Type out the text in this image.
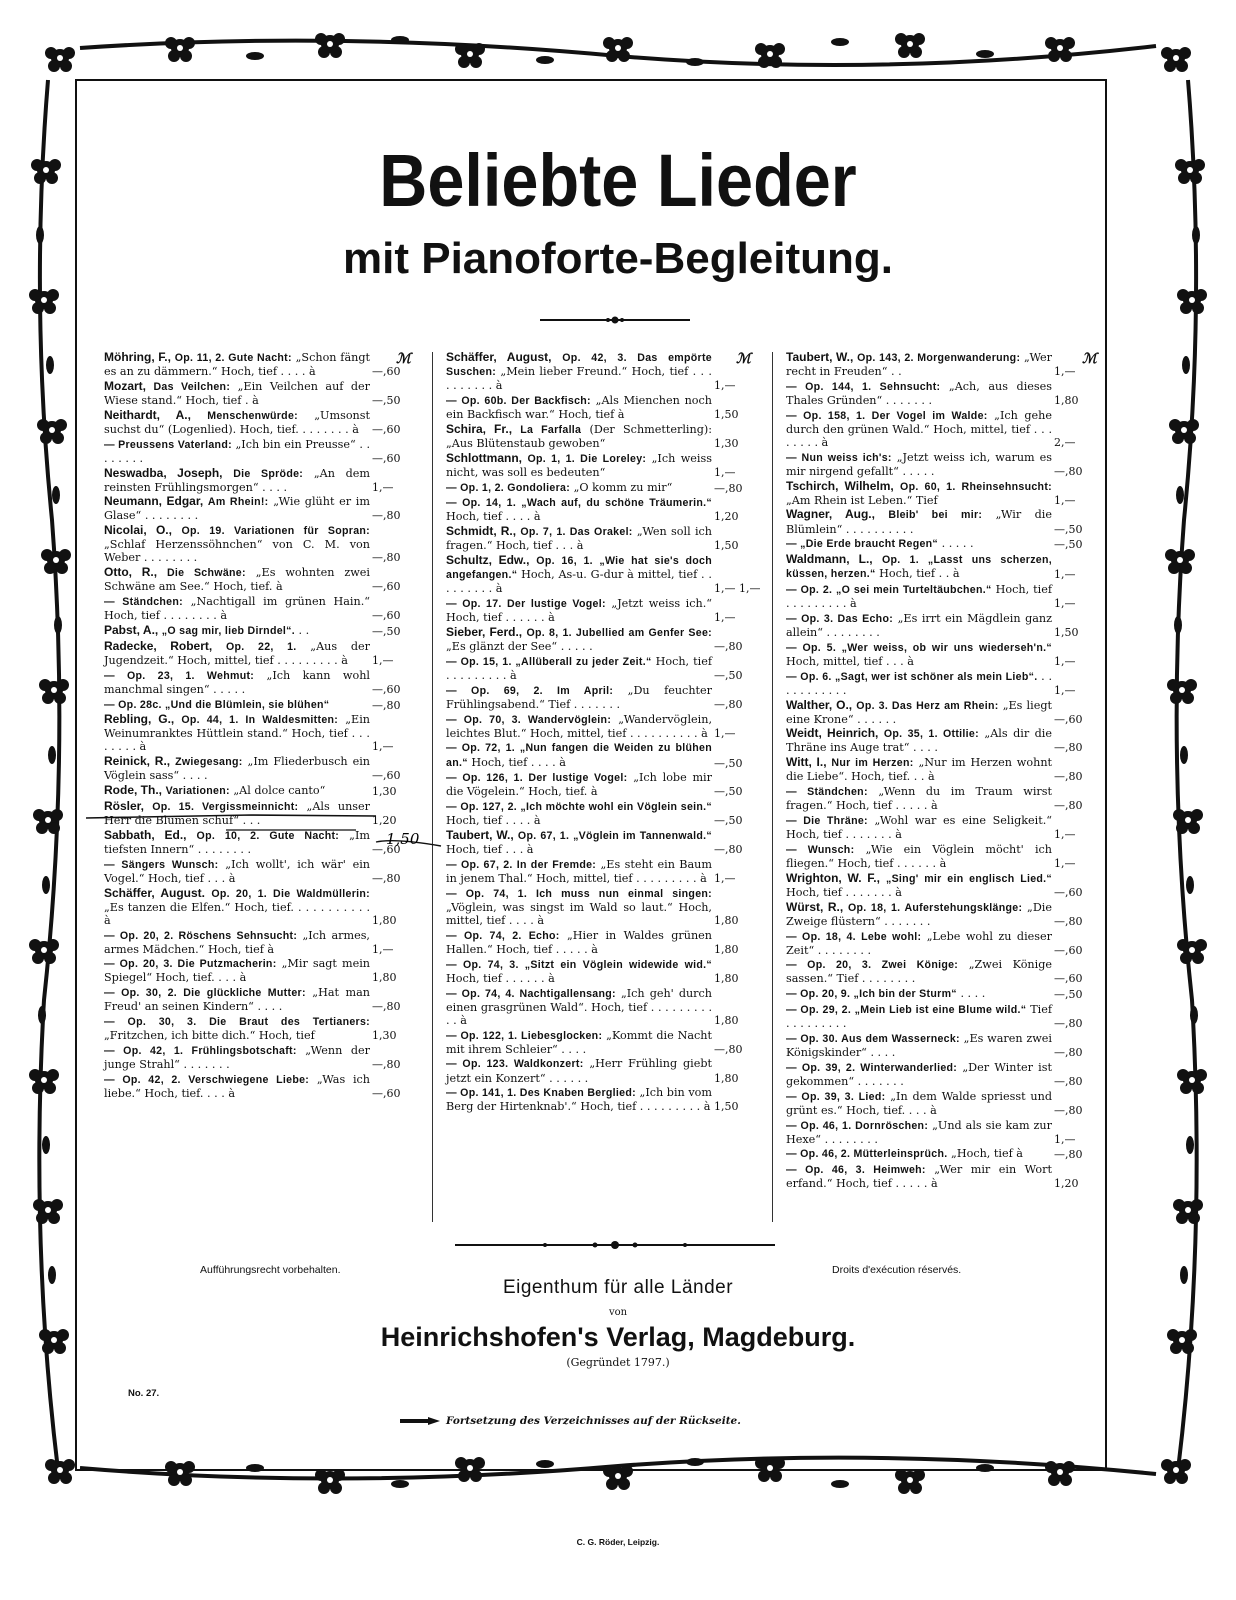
Beliebte Lieder
mit Pianoforte-Begleitung.
ℳ	ℳ	ℳ
Möhring, F., Op. 11, 2. Gute Nacht: „Schon fängt es an zu dämmern.“ Hoch, tief . . . . à	—,60
Mozart, Das Veilchen: „Ein Veilchen auf der Wiese stand.“ Hoch, tief . à	—,50
Neithardt, A., Menschenwürde: „Umsonst suchst du“ (Logenlied). Hoch, tief. . . . . . . . à	—,60
— Preussens Vaterland: „Ich bin ein Preusse“ . . . . . . . .	—,60
Neswadba, Joseph, Die Spröde: „An dem reinsten Frühlingsmorgen“ . . . .	1,—
Neumann, Edgar, Am Rhein!: „Wie glüht er im Glase“ . . . . . . . .	—,80
Nicolai, O., Op. 19. Variationen für Sopran: „Schlaf Herzenssöhnchen“ von C. M. von Weber . . . . . . . .	—,80
Otto, R., Die Schwäne: „Es wohnten zwei Schwäne am See.“ Hoch, tief. à	—,60
— Ständchen: „Nachtigall im grünen Hain.“ Hoch, tief . . . . . . . . à	—,60
Pabst, A., „O sag mir, lieb Dirndel“. . .	—,50
Radecke, Robert, Op. 22, 1. „Aus der Jugendzeit.“ Hoch, mittel, tief . . . . . . . . . à	1,—
— Op. 23, 1. Wehmut: „Ich kann wohl manchmal singen“ . . . . .	—,60
— Op. 28c. „Und die Blümlein, sie blühen“	—,80
Rebling, G., Op. 44, 1. In Waldesmitten: „Ein Weinumranktes Hüttlein stand.“ Hoch, tief . . . . . . . . à	1,—
Reinick, R., Zwiegesang: „Im Fliederbusch ein Vöglein sass“ . . . .	—,60
Rode, Th., Variationen: „Al dolce canto“	1,30
Rösler, Op. 15. Vergissmeinnicht: „Als unser Herr die Blumen schuf“ . . .	1,20
Sabbath, Ed., Op. 10, 2. Gute Nacht: „Im tiefsten Innern“ . . . . . . . .	—,60
— Sängers Wunsch: „Ich wollt', ich wär' ein Vogel.“ Hoch, tief . . . à	—,80
Schäffer, August. Op. 20, 1. Die Waldmüllerin: „Es tanzen die Elfen.“ Hoch, tief. . . . . . . . . . . à	1,80
— Op. 20, 2. Röschens Sehnsucht: „Ich armes, armes Mädchen.“ Hoch, tief à	1,—
— Op. 20, 3. Die Putzmacherin: „Mir sagt mein Spiegel“ Hoch, tief. . . . à	1,80
— Op. 30, 2. Die glückliche Mutter: „Hat man Freud' an seinen Kindern“ . . . .	—,80
— Op. 30, 3. Die Braut des Tertianers: „Fritzchen, ich bitte dich.“ Hoch, tief	1,30
— Op. 42, 1. Frühlingsbotschaft: „Wenn der junge Strahl“ . . . . . . .	—,80
— Op. 42, 2. Verschwiegene Liebe: „Was ich liebe.“ Hoch, tief. . . . à	—,60
Schäffer, August, Op. 42, 3. Das empörte Suschen: „Mein lieber Freund.“ Hoch, tief . . . . . . . . . . à	1,—
— Op. 60b. Der Backfisch: „Als Mienchen noch ein Backfisch war.“ Hoch, tief à	1,50
Schira, Fr., La Farfalla (Der Schmetterling): „Aus Blütenstaub gewoben“	1,30
Schlottmann, Op. 1, 1. Die Loreley: „Ich weiss nicht, was soll es bedeuten“	1,—
— Op. 1, 2. Gondoliera: „O komm zu mir“	—,80
— Op. 14, 1. „Wach auf, du schöne Träumerin.“ Hoch, tief . . . . à	1,20
Schmidt, R., Op. 7, 1. Das Orakel: „Wen soll ich fragen.“ Hoch, tief . . . à	1,50
Schultz, Edw., Op. 16, 1. „Wie hat sie's doch angefangen.“ Hoch, As-u. G-dur à mittel, tief . . . . . . . . . à	1,— 1,—
— Op. 17. Der lustige Vogel: „Jetzt weiss ich.“ Hoch, tief . . . . . . à	1,—
Sieber, Ferd., Op. 8, 1. Jubellied am Genfer See: „Es glänzt der See“ . . . . .	—,80
— Op. 15, 1. „Allüberall zu jeder Zeit.“ Hoch, tief . . . . . . . . . à	—,50
— Op. 69, 2. Im April: „Du feuchter Frühlingsabend.“ Tief . . . . . . .	—,80
— Op. 70, 3. Wandervöglein: „Wandervöglein, leichtes Blut.“ Hoch, mittel, tief . . . . . . . . . . à 1,—
— Op. 72, 1. „Nun fangen die Weiden zu blühen an.“ Hoch, tief . . . . à	—,50
— Op. 126, 1. Der lustige Vogel: „Ich lobe mir die Vögelein.“ Hoch, tief. à	—,50
— Op. 127, 2. „Ich möchte wohl ein Vöglein sein.“ Hoch, tief . . . . à	—,50
Taubert, W., Op. 67, 1. „Vöglein im Tannenwald.“ Hoch, tief . . . à	—,80
— Op. 67, 2. In der Fremde: „Es steht ein Baum in jenem Thal.“ Hoch, mittel, tief . . . . . . . . . à 1,—
— Op. 74, 1. Ich muss nun einmal singen: „Vöglein, was singst im Wald so laut.“ Hoch, mittel, tief . . . . à	1,80
— Op. 74, 2. Echo: „Hier in Waldes grünen Hallen.“ Hoch, tief . . . . . à	1,80
— Op. 74, 3. „Sitzt ein Vöglein widewide wid.“ Hoch, tief . . . . . . à	1,80
— Op. 74, 4. Nachtigallensang: „Ich geh' durch einen grasgrünen Wald“. Hoch, tief . . . . . . . . . . . à	1,80
— Op. 122, 1. Liebesglocken: „Kommt die Nacht mit ihrem Schleier“ . . . .	—,80
— Op. 123. Waldkonzert: „Herr Frühling giebt jetzt ein Konzert“ . . . . . .	1,80
— Op. 141, 1. Des Knaben Berglied: „Ich bin vom Berg der Hirtenknab'.“ Hoch, tief . . . . . . . . . à 1,50
Taubert, W., Op. 143, 2. Morgenwanderung: „Wer recht in Freuden“ . .	1,—
— Op. 144, 1. Sehnsucht: „Ach, aus dieses Thales Gründen“ . . . . . . .	1,80
— Op. 158, 1. Der Vogel im Walde: „Ich gehe durch den grünen Wald.“ Hoch, mittel, tief . . . . . . . . à	2,—
— Nun weiss ich's: „Jetzt weiss ich, warum es mir nirgend gefallt“ . . . . .	—,80
Tschirch, Wilhelm, Op. 60, 1. Rheinsehnsucht: „Am Rhein ist Leben.“ Tief	1,—
Wagner, Aug., Bleib' bei mir: „Wir die Blümlein“ . . . . . . . . . .	—,50
— „Die Erde braucht Regen“ . . . . .	—,50
Waldmann, L., Op. 1. „Lasst uns scherzen, küssen, herzen.“ Hoch, tief . . à	1,—
— Op. 2. „O sei mein Turteltäubchen.“ Hoch, tief . . . . . . . . . à	1,—
— Op. 3. Das Echo: „Es irrt ein Mägdlein ganz allein“ . . . . . . . .	1,50
— Op. 5. „Wer weiss, ob wir uns wiederseh'n.“ Hoch, mittel, tief . . . à	1,—
— Op. 6. „Sagt, wer ist schöner als mein Lieb“. . . . . . . . . . . .	1,—
Walther, O., Op. 3. Das Herz am Rhein: „Es liegt eine Krone“ . . . . . .	—,60
Weidt, Heinrich, Op. 35, 1. Ottilie: „Als dir die Thräne ins Auge trat“ . . . .	—,80
Witt, I., Nur im Herzen: „Nur im Herzen wohnt die Liebe“. Hoch, tief. . . à	—,80
— Ständchen: „Wenn du im Traum wirst fragen.“ Hoch, tief . . . . . à	—,80
— Die Thräne: „Wohl war es eine Seligkeit.“ Hoch, tief . . . . . . . à	1,—
— Wunsch: „Wie ein Vöglein möcht' ich fliegen.“ Hoch, tief . . . . . . à	1,—
Wrighton, W. F., „Sing' mir ein englisch Lied.“ Hoch, tief . . . . . . . à	—,60
Würst, R., Op. 18, 1. Auferstehungsklänge: „Die Zweige flüstern“ . . . . . . .	—,80
— Op. 18, 4. Lebe wohl: „Lebe wohl zu dieser Zeit“ . . . . . . . .	—,60
— Op. 20, 3. Zwei Könige: „Zwei Könige sassen.“ Tief . . . . . . . .	—,60
— Op. 20, 9. „Ich bin der Sturm“ . . . .	—,50
— Op. 29, 2. „Mein Lieb ist eine Blume wild.“ Tief . . . . . . . . .	—,80
— Op. 30. Aus dem Wasserneck: „Es waren zwei Königskinder“ . . . .	—,80
— Op. 39, 2. Winterwanderlied: „Der Winter ist gekommen“ . . . . . . .	—,80
— Op. 39, 3. Lied: „In dem Walde spriesst und grünt es.“ Hoch, tief. . . . à	—,80
— Op. 46, 1. Dornröschen: „Und als sie kam zur Hexe“ . . . . . . . .	1,—
— Op. 46, 2. Mütterleinsprüch. „Hoch, tief à	—,80
— Op. 46, 3. Heimweh: „Wer mir ein Wort erfand.“ Hoch, tief . . . . . à	1,20
1,50
Aufführungsrecht vorbehalten.	Droits d'exécution réservés.
Eigenthum für alle Länder
von
Heinrichshofen's Verlag, Magdeburg.
(Gegründet 1797.)
No. 27.
Fortsetzung des Verzeichnisses auf der Rückseite.
C. G. Röder, Leipzig.
